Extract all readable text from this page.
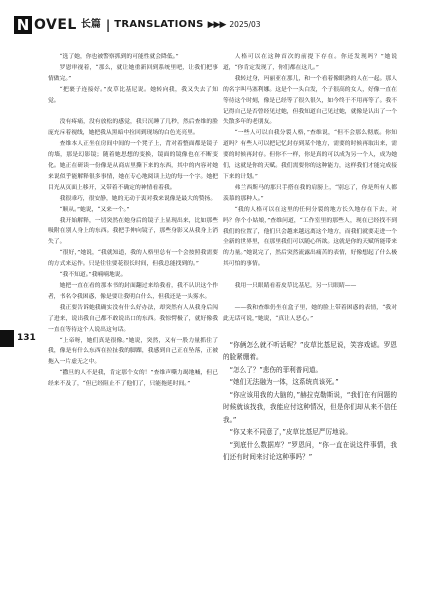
N OVEL 长篇 | TRANSLATIONS ▶▶▶ 2025/03
131

“选了她，你也被警察抓到的可能性就会降低。”

罗恩审视着，“那么，就让她重新回到系统里吧，让我们把事情做完。”

“把裹子连接好。”皮草比基尼说。她转向我，我又失去了知觉。

没有疼痛，没有放松的感觉，我只沉睡了几秒，然后查维的脸庞充斥着视线，她把我从黑暗中拉回到现场的白色光亮里。

查维本人正坐在房间中间的一个凳子上，背对着整面都是镜子的墙，那是幻影镜；随着她思想的变换，镜面的镜像也在不断变化。她正在研读一份像是从商店里撕下来的东西，其中的内容对她来说似乎能解释很多事情，她在专心地阅读上边的每一个字。她把目光从页面上移开，又带着不确定的神情看着我。

我很乖巧，很安静，她的无动于衷对我来说像是最大的赞扬。

“顺从。”她说，“又来一个。”

我开始解释，一切突然在她身后的镜子上显现出来，比如那些吸附在别人身上的东西。我把手伸向镜子，那些身影又从我身上消失了。

“很好，”她说，“我就知道，我的人格里总有一个会按照我需要的方式来运作。只是往往要花很长时间，但我总能找到的。”

“我不知道。”我喃喃地说。

她把一直在看的那本书的封面翻过来给我看，我不认识这个作者，书名令我困惑，像是要让我明白什么，但我还是一头雾水。

我正要告诉她我确实没有什么好办法，却突然有人从我身后闯了进来，说出我自己都不敢说出口的东西。我惊愕极了，就好像我一直在等待这个人说出这句话。

“上帝呀，她们真是很像。”她说，突然，又有一股力量抓住了我，像是有什么东西在拉扯我的脚踝，我感到自己正在坠落，正被拖入一片虚无之中。

“撒旦的人不是我，肯定那个女的！”查维声嘶力竭地喊，但已经来不及了，“但已经阻止不了他们了，只能拖延时间。”

人格可以在这种首次的前提下存在。你还发现吗？”她说道，“你肯定发现了，你们都在这儿。”

我转过身，玛丽亚在那儿，和一个看着像眼熟的人在一起。那人的名字叫马塞利娜。这是个一头白发，个子很高的女人，好像一直在等待这个时刻，像是已经等了很久很久，如今终于不用再等了。我不记得自己是否曾经见过她，但我知道自己见过她，就像是认出了一个失散多年的老朋友。

“一些人可以自我分裂人格，”查维说，“但不会那么彻底。你知道吗？有些人可以把记忆封存到某个地方，需要的时候再取出来，需要的时候再封存。但你不一样，你是真的可以成为另一个人，成为她们，这就是你的天赋。我们需要你的这种能力，这样我们才能完成接下来的计划。”

弗兰西斯马的那只手搭在我的肩膀上，“别忘了，你是所有人都羡慕的那种人。”

“我的人格可以在这里的任何分裂的地方长久地存在下去，对吗？你个小姑娘，”查维问道，“工作室里的那些人，现在已经找不到我们的位置了，他们只会越来越远离这个地方，而我们就要走进一个全新的世界里，在那里我们可以随心所欲。这就是你的天赋所能带来的力量。”她说完了，然后突然流露出痛苦的表情，好像想起了什么极其可怕的事情。

我用一只眼睛看着皮草比基尼，另一只眼睛——

——我和查维仍坐在盒子里，她的脸上带着困惑的表情，“我对此无话可说，”她说，“真让人恶心。”

“你俩怎么就不听话呢？”皮草比基尼说，笑容戏谑。罗恩的脸紧绷着。

“怎么了？”悲伤的菲利普问道。

“她们无法融为一体，这系统真该死。”

“你应该用我的大脑的，”赫拉克勒斯说，“我们在有问题的时候就该找我，我能应付这种情况，但是你们却从来不信任我。”

“你又来不同意了，”皮草比基尼严厉地说。

“到底什么数据库？”罗恩问，“你一直在说这件事情，我们还有时间来讨论这种事吗？”
